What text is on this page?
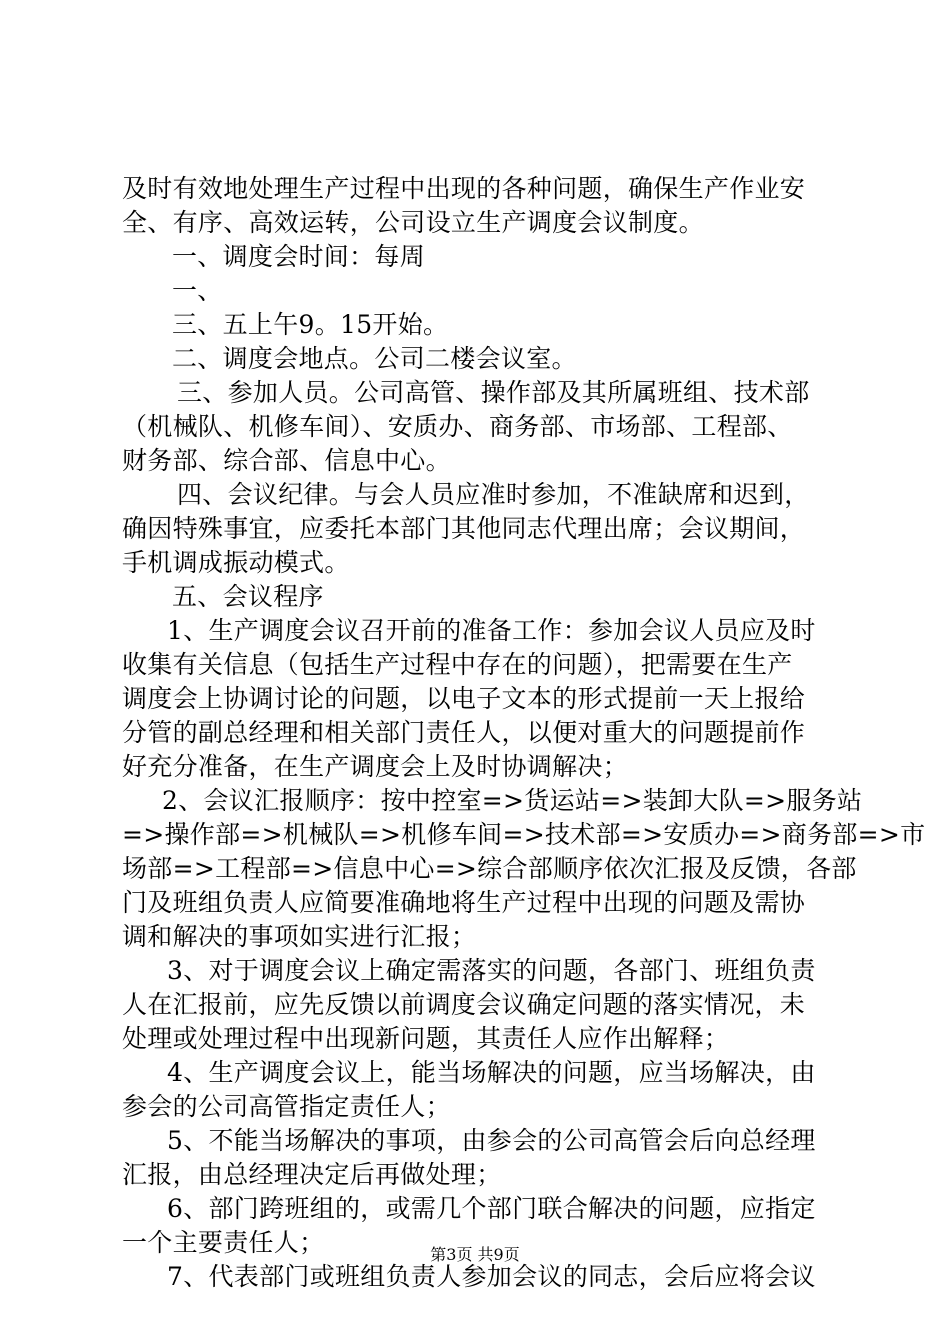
及时有效地处理生产过程中出现的各种问题，确保生产作业安
全、有序、高效运转，公司设立生产调度会议制度。
一、调度会时间：每周
一、
三、五上午9。15开始。
二、调度会地点。公司二楼会议室。
三、参加人员。公司高管、操作部及其所属班组、技术部
（机械队、机修车间）、安质办、商务部、市场部、工程部、
财务部、综合部、信息中心。
四、会议纪律。与会人员应准时参加，不准缺席和迟到，
确因特殊事宜，应委托本部门其他同志代理出席；会议期间，
手机调成振动模式。
五、会议程序
1、生产调度会议召开前的准备工作：参加会议人员应及时
收集有关信息（包括生产过程中存在的问题），把需要在生产
调度会上协调讨论的问题，以电子文本的形式提前一天上报给
分管的副总经理和相关部门责任人，以便对重大的问题提前作
好充分准备，在生产调度会上及时协调解决；
2、会议汇报顺序：按中控室=>货运站=>装卸大队=>服务站
=>操作部=>机械队=>机修车间=>技术部=>安质办=>商务部=>市
场部=>工程部=>信息中心=>综合部顺序依次汇报及反馈，各部
门及班组负责人应简要准确地将生产过程中出现的问题及需协
调和解决的事项如实进行汇报；
3、对于调度会议上确定需落实的问题，各部门、班组负责
人在汇报前，应先反馈以前调度会议确定问题的落实情况，未
处理或处理过程中出现新问题，其责任人应作出解释；
4、生产调度会议上，能当场解决的问题，应当场解决，由
参会的公司高管指定责任人；
5、不能当场解决的事项，由参会的公司高管会后向总经理
汇报，由总经理决定后再做处理；
6、部门跨班组的，或需几个部门联合解决的问题，应指定
一个主要责任人；
7、代表部门或班组负责人参加会议的同志，会后应将会议
第3页 共9页
